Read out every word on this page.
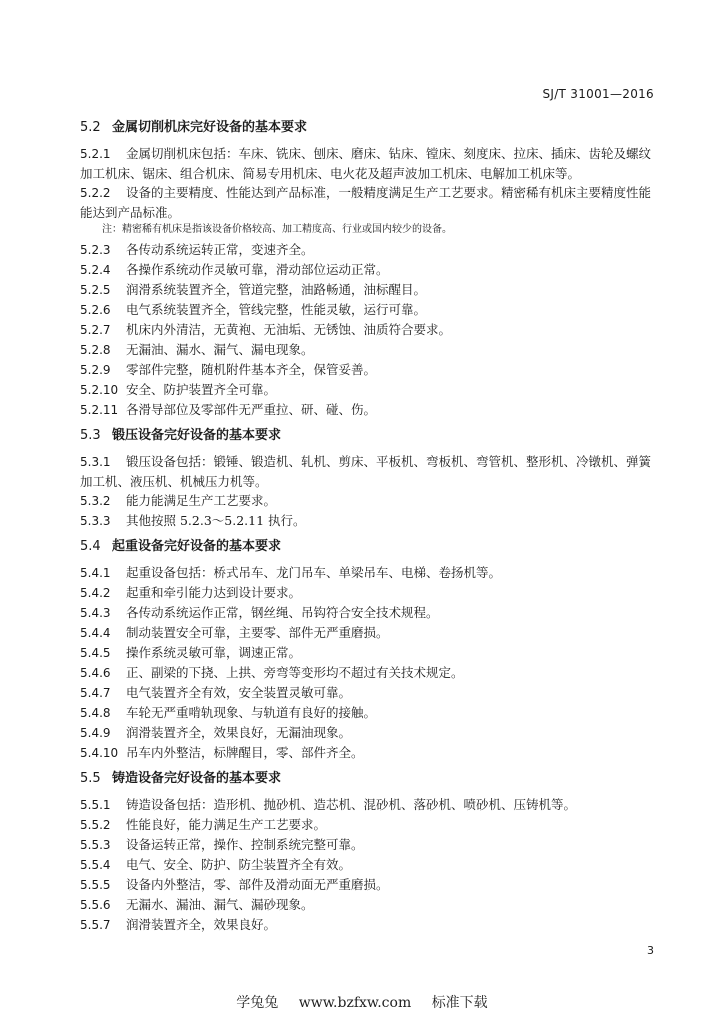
SJ/T 31001—2016
5.2 金属切削机床完好设备的基本要求
5.2.1 金属切削机床包括：车床、铣床、刨床、磨床、钻床、镗床、刻度床、拉床、插床、齿轮及螺纹加工机床、锯床、组合机床、简易专用机床、电火花及超声波加工机床、电解加工机床等。
5.2.2 设备的主要精度、性能达到产品标准，一般精度满足生产工艺要求。精密稀有机床主要精度性能能达到产品标准。
注：精密稀有机床是指该设备价格较高、加工精度高、行业或国内较少的设备。
5.2.3 各传动系统运转正常，变速齐全。
5.2.4 各操作系统动作灵敏可靠，滑动部位运动正常。
5.2.5 润滑系统装置齐全，管道完整，油路畅通，油标醒目。
5.2.6 电气系统装置齐全，管线完整，性能灵敏，运行可靠。
5.2.7 机床内外清洁，无黄袍、无油垢、无锈蚀、油质符合要求。
5.2.8 无漏油、漏水、漏气、漏电现象。
5.2.9 零部件完整，随机附件基本齐全，保管妥善。
5.2.10 安全、防护装置齐全可靠。
5.2.11 各滑导部位及零部件无严重拉、研、碰、伤。
5.3 锻压设备完好设备的基本要求
5.3.1 锻压设备包括：锻锤、锻造机、轧机、剪床、平板机、弯板机、弯管机、整形机、冷镦机、弹簧加工机、液压机、机械压力机等。
5.3.2 能力能满足生产工艺要求。
5.3.3 其他按照 5.2.3～5.2.11 执行。
5.4 起重设备完好设备的基本要求
5.4.1 起重设备包括：桥式吊车、龙门吊车、单梁吊车、电梯、卷扬机等。
5.4.2 起重和牵引能力达到设计要求。
5.4.3 各传动系统运作正常，钢丝绳、吊钩符合安全技术规程。
5.4.4 制动装置安全可靠，主要零、部件无严重磨损。
5.4.5 操作系统灵敏可靠，调速正常。
5.4.6 正、副梁的下挠、上拱、旁弯等变形均不超过有关技术规定。
5.4.7 电气装置齐全有效，安全装置灵敏可靠。
5.4.8 车轮无严重啃轨现象、与轨道有良好的接触。
5.4.9 润滑装置齐全，效果良好，无漏油现象。
5.4.10 吊车内外整洁，标牌醒目，零、部件齐全。
5.5 铸造设备完好设备的基本要求
5.5.1 铸造设备包括：造形机、抛砂机、造芯机、混砂机、落砂机、喷砂机、压铸机等。
5.5.2 性能良好，能力满足生产工艺要求。
5.5.3 设备运转正常，操作、控制系统完整可靠。
5.5.4 电气、安全、防护、防尘装置齐全有效。
5.5.5 设备内外整洁，零、部件及滑动面无严重磨损。
5.5.6 无漏水、漏油、漏气、漏砂现象。
5.5.7 润滑装置齐全，效果良好。
3
学兔兔 www.bzfxw.com 标准下载
